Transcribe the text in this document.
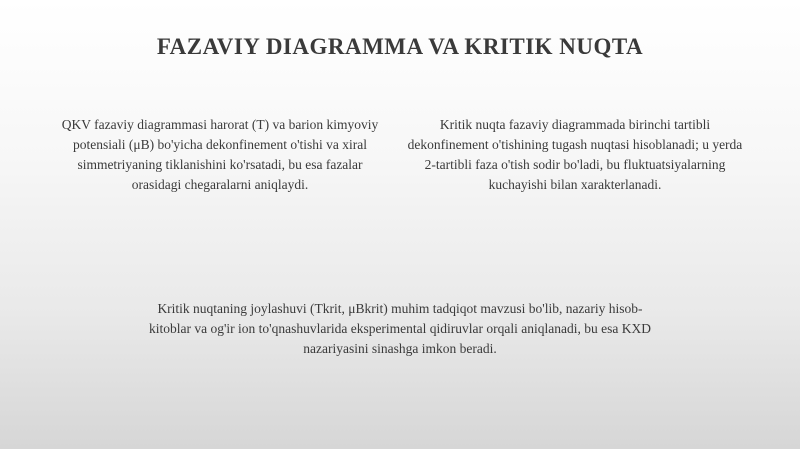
FAZAVIY DIAGRAMMA VA KRITIK NUQTA
QKV fazaviy diagrammasi harorat (T) va barion kimyoviy potensiali (μB) bo'yicha dekonfinement o'tishi va xiral simmetriyaning tiklanishini ko'rsatadi, bu esa fazalar orasidagi chegaralarni aniqlaydi.
Kritik nuqta fazaviy diagrammada birinchi tartibli dekonfinement o'tishining tugash nuqtasi hisoblanadi; u yerda 2-tartibli faza o'tish sodir bo'ladi, bu fluktuatsiyalarning kuchayishi bilan xarakterlanadi.
Kritik nuqtaning joylashuvi (Tkrit, μBkrit) muhim tadqiqot mavzusi bo'lib, nazariy hisob-kitoblar va og'ir ion to'qnashuvlarida eksperimental qidiruvlar orqali aniqlanadi, bu esa KXD nazariyasini sinashga imkon beradi.
